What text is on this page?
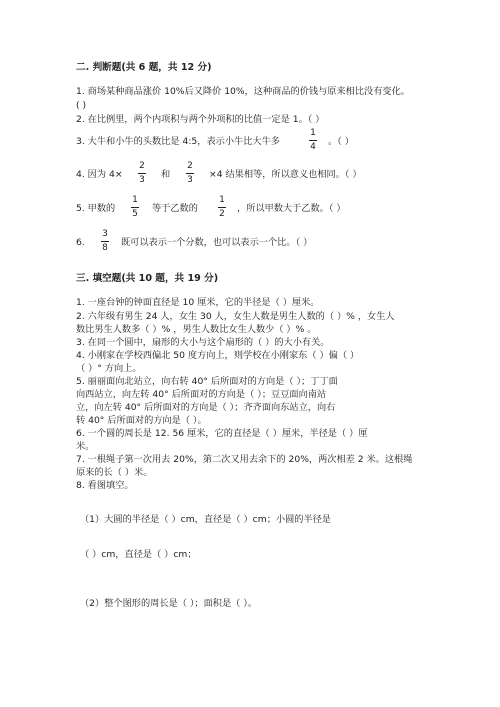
二. 判断题(共 6 题，共 12 分)
1. 商场某种商品涨价 10%后又降价 10%，这种商品的价钱与原来相比没有变化。
( )
2. 在比例里，两个内项积与两个外项积的比值一定是 1。（ ）
3. 大牛和小牛的头数比是 4:5，表示小牛比大牛多
1
4 。（ ）
4. 因为 4×
2
3 和
2
3 ×4 结果相等，所以意义也相同。（ ）
5. 甲数的
1
5 等于乙数的
1
2 ，所以甲数大于乙数。（ ）
6.
3
8 既可以表示一个分数，也可以表示一个比。（ ）
三. 填空题(共 10 题，共 19 分)
1. 一座台钟的钟面直径是 10 厘米，它的半径是（ ）厘米。
2. 六年级有男生 24 人，女生 30 人，女生人数是男生人数的（ ）% ，女生人
数比男生人数多（ ）% ，男生人数比女生人数少（ ）% 。
3. 在同一个圆中，扇形的大小与这个扇形的（ ）的大小有关。
4. 小刚家在学校西偏北 50 度方向上，则学校在小刚家东（ ）偏（ ）
（ ）° 方向上。
5. 丽丽面向北站立，向右转 40° 后所面对的方向是（ ）；丁丁面
向西站立，向左转 40° 后所面对的方向是（ ）；豆豆面向南站
立，向左转 40° 后所面对的方向是（ ）；齐齐面向东站立，向右
转 40° 后所面对的方向是（ ）。
6. 一个圆的周长是 12. 56 厘米，它的直径是（ ）厘米，半径是（ ）厘
米。
7. 一根绳子第一次用去 20%，第二次又用去余下的 20%，两次相差 2 米。这根绳
原来的长（ ）米。
8. 看图填空。
（1）大圆的半径是（ ）cm，直径是（ ）cm；小圆的半径是
（ ）cm，直径是（ ）cm；
（2）整个图形的周长是（ ）；面积是（ ）。
